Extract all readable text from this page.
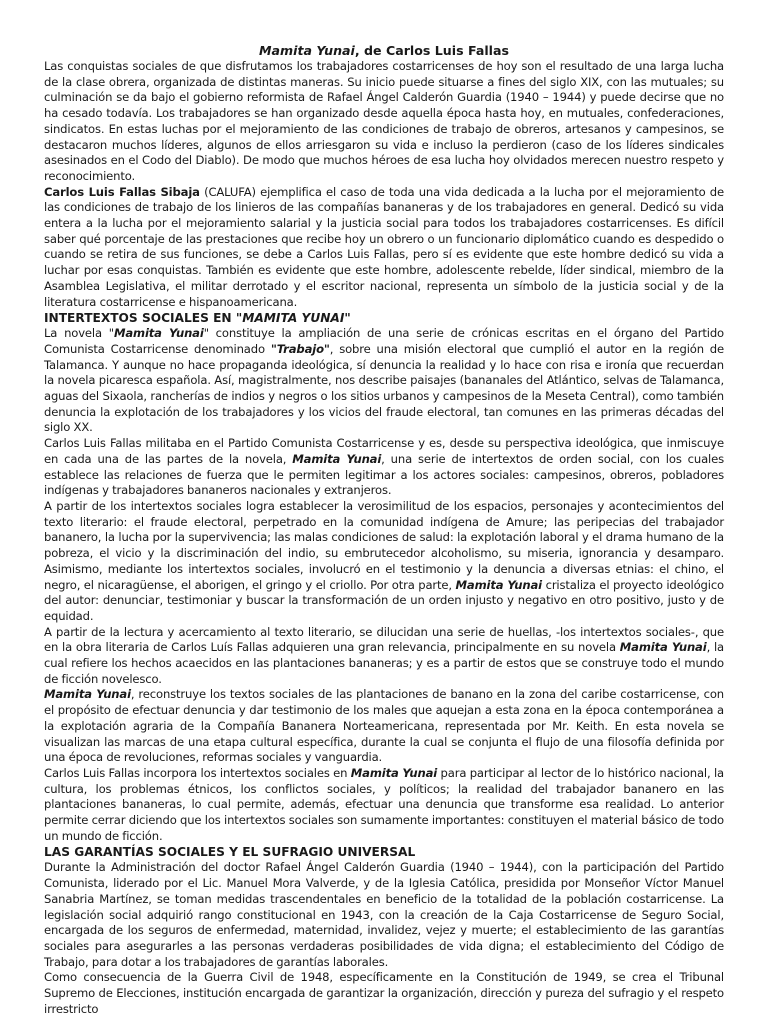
Mamita Yunai, de Carlos Luis Fallas

Las conquistas sociales de que disfrutamos los trabajadores costarricenses de hoy son el resultado de una larga lucha de la clase obrera, organizada de distintas maneras. Su inicio puede situarse a fines del siglo XIX, con las mutuales; su culminación se da bajo el gobierno reformista de Rafael Ángel Calderón Guardia (1940 – 1944) y puede decirse que no ha cesado todavía. Los trabajadores se han organizado desde aquella época hasta hoy, en mutuales, confederaciones, sindicatos. En estas luchas por el mejoramiento de las condiciones de trabajo de obreros, artesanos y campesinos, se destacaron muchos líderes, algunos de ellos arriesgaron su vida e incluso la perdieron (caso de los líderes sindicales asesinados en el Codo del Diablo). De modo que muchos héroes de esa lucha hoy olvidados merecen nuestro respeto y reconocimiento.

Carlos Luis Fallas Sibaja (CALUFA) ejemplifica el caso de toda una vida dedicada a la lucha por el mejoramiento de las condiciones de trabajo de los linieros de las compañías bananeras y de los trabajadores en general. Dedicó su vida entera a la lucha por el mejoramiento salarial y la justicia social para todos los trabajadores costarricenses. Es difícil saber qué porcentaje de las prestaciones que recibe hoy un obrero o un funcionario diplomático cuando es despedido o cuando se retira de sus funciones, se debe a Carlos Luis Fallas, pero sí es evidente que este hombre dedicó su vida a luchar por esas conquistas. También es evidente que este hombre, adolescente rebelde, líder sindical, miembro de la Asamblea Legislativa, el militar derrotado y el escritor nacional, representa un símbolo de la justicia social y de la literatura costarricense e hispanoamericana.

INTERTEXTOS SOCIALES EN "MAMITA YUNAI"

La novela "Mamita Yunai" constituye la ampliación de una serie de crónicas escritas en el órgano del Partido Comunista Costarricense denominado "Trabajo", sobre una misión electoral que cumplió el autor en la región de Talamanca. Y aunque no hace propaganda ideológica, sí denuncia la realidad y lo hace con risa e ironía que recuerdan la novela picaresca española. Así, magistralmente, nos describe paisajes (bananales del Atlántico, selvas de Talamanca, aguas del Sixaola, rancherías de indios y negros o los sitios urbanos y campesinos de la Meseta Central), como también denuncia la explotación de los trabajadores y los vicios del fraude electoral, tan comunes en las primeras décadas del siglo XX.

Carlos Luis Fallas militaba en el Partido Comunista Costarricense y es, desde su perspectiva ideológica, que inmiscuye en cada una de las partes de la novela, Mamita Yunai, una serie de intertextos de orden social, con los cuales establece las relaciones de fuerza que le permiten legitimar a los actores sociales: campesinos, obreros, pobladores indígenas y trabajadores bananeros nacionales y extranjeros.

A partir de los intertextos sociales logra establecer la verosimilitud de los espacios, personajes y acontecimientos del texto literario: el fraude electoral, perpetrado en la comunidad indígena de Amure; las peripecias del trabajador bananero, la lucha por la supervivencia; las malas condiciones de salud: la explotación laboral y el drama humano de la pobreza, el vicio y la discriminación del indio, su embrutecedor alcoholismo, su miseria, ignorancia y desamparo. Asimismo, mediante los intertextos sociales, involucró en el testimonio y la denuncia a diversas etnias: el chino, el negro, el nicaragüense, el aborigen, el gringo y el criollo. Por otra parte, Mamita Yunai cristaliza el proyecto ideológico del autor: denunciar, testimoniar y buscar la transformación de un orden injusto y negativo en otro positivo, justo y de equidad.

A partir de la lectura y acercamiento al texto literario, se dilucidan una serie de huellas, -los intertextos sociales-, que en la obra literaria de Carlos Luís Fallas adquieren una gran relevancia, principalmente en su novela Mamita Yunai, la cual refiere los hechos acaecidos en las plantaciones bananeras; y es a partir de estos que se construye todo el mundo de ficción novelesco.

Mamita Yunai, reconstruye los textos sociales de las plantaciones de banano en la zona del caribe costarricense, con el propósito de efectuar denuncia y dar testimonio de los males que aquejan a esta zona en la época contemporánea a la explotación agraria de la Compañía Bananera Norteamericana, representada por Mr. Keith. En esta novela se visualizan las marcas de una etapa cultural específica, durante la cual se conjunta el flujo de una filosofía definida por una época de revoluciones, reformas sociales y vanguardia.

Carlos Luis Fallas incorpora los intertextos sociales en Mamita Yunai para participar al lector de lo histórico nacional, la cultura, los problemas étnicos, los conflictos sociales, y políticos; la realidad del trabajador bananero en las plantaciones bananeras, lo cual permite, además, efectuar una denuncia que transforme esa realidad. Lo anterior permite cerrar diciendo que los intertextos sociales son sumamente importantes: constituyen el material básico de todo un mundo de ficción.

LAS GARANTÍAS SOCIALES Y EL SUFRAGIO UNIVERSAL

Durante la Administración del doctor Rafael Ángel Calderón Guardia (1940 – 1944), con la participación del Partido Comunista, liderado por el Lic. Manuel Mora Valverde, y de la Iglesia Católica, presidida por Monseñor Víctor Manuel Sanabria Martínez, se toman medidas trascendentales en beneficio de la totalidad de la población costarricense. La legislación social adquirió rango constitucional en 1943, con la creación de la Caja Costarricense de Seguro Social, encargada de los seguros de enfermedad, maternidad, invalidez, vejez y muerte; el establecimiento de las garantías sociales para asegurarles a las personas verdaderas posibilidades de vida digna; el establecimiento del Código de Trabajo, para dotar a los trabajadores de garantías laborales.

Como consecuencia de la Guerra Civil de 1948, específicamente en la Constitución de 1949, se crea el Tribunal Supremo de Elecciones, institución encargada de garantizar la organización, dirección y pureza del sufragio y el respeto irrestricto
